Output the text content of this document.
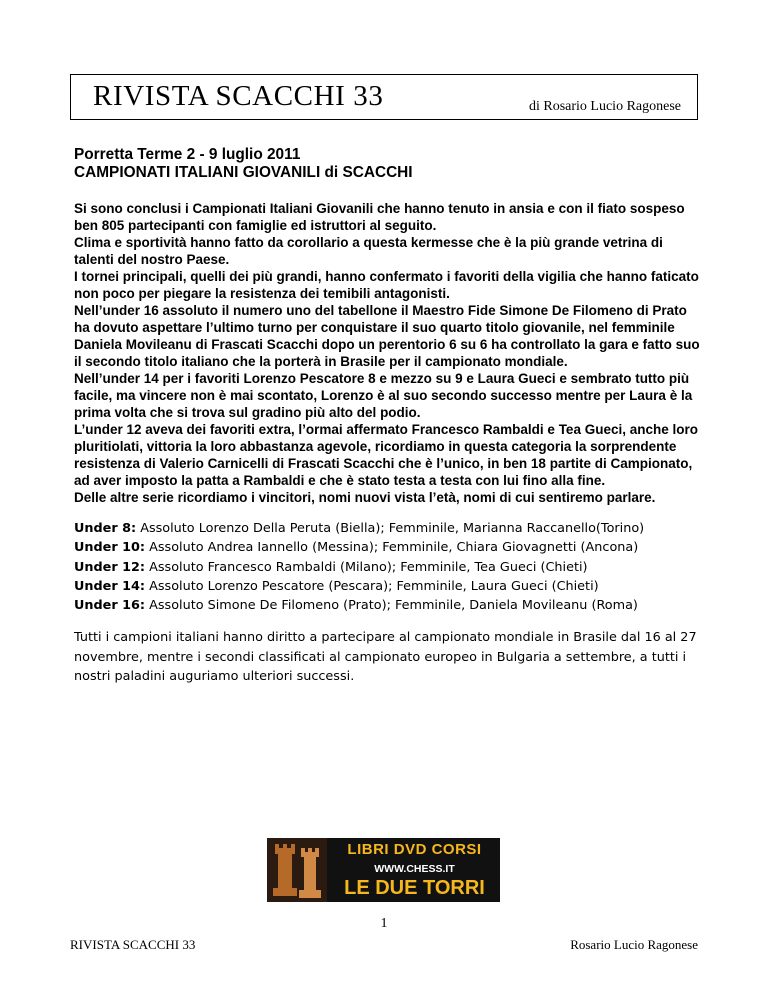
RIVISTA SCACCHI 33	di Rosario Lucio Ragonese
Porretta Terme 2 - 9 luglio 2011
CAMPIONATI ITALIANI GIOVANILI di SCACCHI

Si sono conclusi i Campionati Italiani Giovanili che hanno tenuto in ansia e con il fiato sospeso ben 805 partecipanti con famiglie ed istruttori al seguito.

Clima e sportività hanno fatto da corollario a questa kermesse che è la più grande vetrina di talenti del nostro Paese.

I tornei principali, quelli dei più grandi, hanno confermato i favoriti della vigilia che hanno faticato non poco per piegare la resistenza dei temibili antagonisti.

Nell’under 16 assoluto il numero uno del tabellone il Maestro Fide Simone De Filomeno di Prato ha dovuto aspettare l’ultimo turno per conquistare il suo quarto titolo giovanile, nel femminile Daniela Movileanu di Frascati Scacchi dopo un perentorio 6 su 6 ha controllato la gara e fatto suo il secondo titolo italiano che la porterà in Brasile per il campionato mondiale.

Nell’under 14 per i favoriti Lorenzo Pescatore 8 e mezzo su 9 e Laura Gueci e sembrato tutto più facile, ma vincere non è mai scontato, Lorenzo è al suo secondo successo mentre per Laura è la prima volta che si trova sul gradino più alto del podio.

L’under 12 aveva dei favoriti extra, l’ormai affermato Francesco Rambaldi e Tea Gueci, anche loro pluritiolati, vittoria la loro abbastanza agevole, ricordiamo in questa categoria la sorprendente resistenza di Valerio Carnicelli di Frascati Scacchi che è l’unico, in ben 18 partite di Campionato, ad aver imposto la patta a Rambaldi e che è stato testa a testa con lui fino alla fine.

Delle altre serie ricordiamo i vincitori, nomi nuovi vista l’età, nomi di cui sentiremo parlare.

Under 8: Assoluto Lorenzo Della Peruta (Biella); Femminile, Marianna Raccanello(Torino)

Under 10: Assoluto Andrea Iannello (Messina); Femminile, Chiara Giovagnetti (Ancona)

Under 12: Assoluto Francesco Rambaldi (Milano); Femminile, Tea Gueci (Chieti)

Under 14: Assoluto Lorenzo Pescatore (Pescara); Femminile, Laura Gueci (Chieti)

Under 16: Assoluto Simone De Filomeno (Prato); Femminile, Daniela Movileanu (Roma)

Tutti i campioni italiani hanno diritto a partecipare al campionato mondiale in Brasile dal 16 al 27 novembre, mentre i secondi classificati al campionato europeo in Bulgaria a settembre, a tutti i nostri paladini auguriamo ulteriori successi.

LIBRI DVD CORSI
WWW.CHESS.IT
LE DUE TORRI
1
RIVISTA SCACCHI 33	Rosario Lucio Ragonese
